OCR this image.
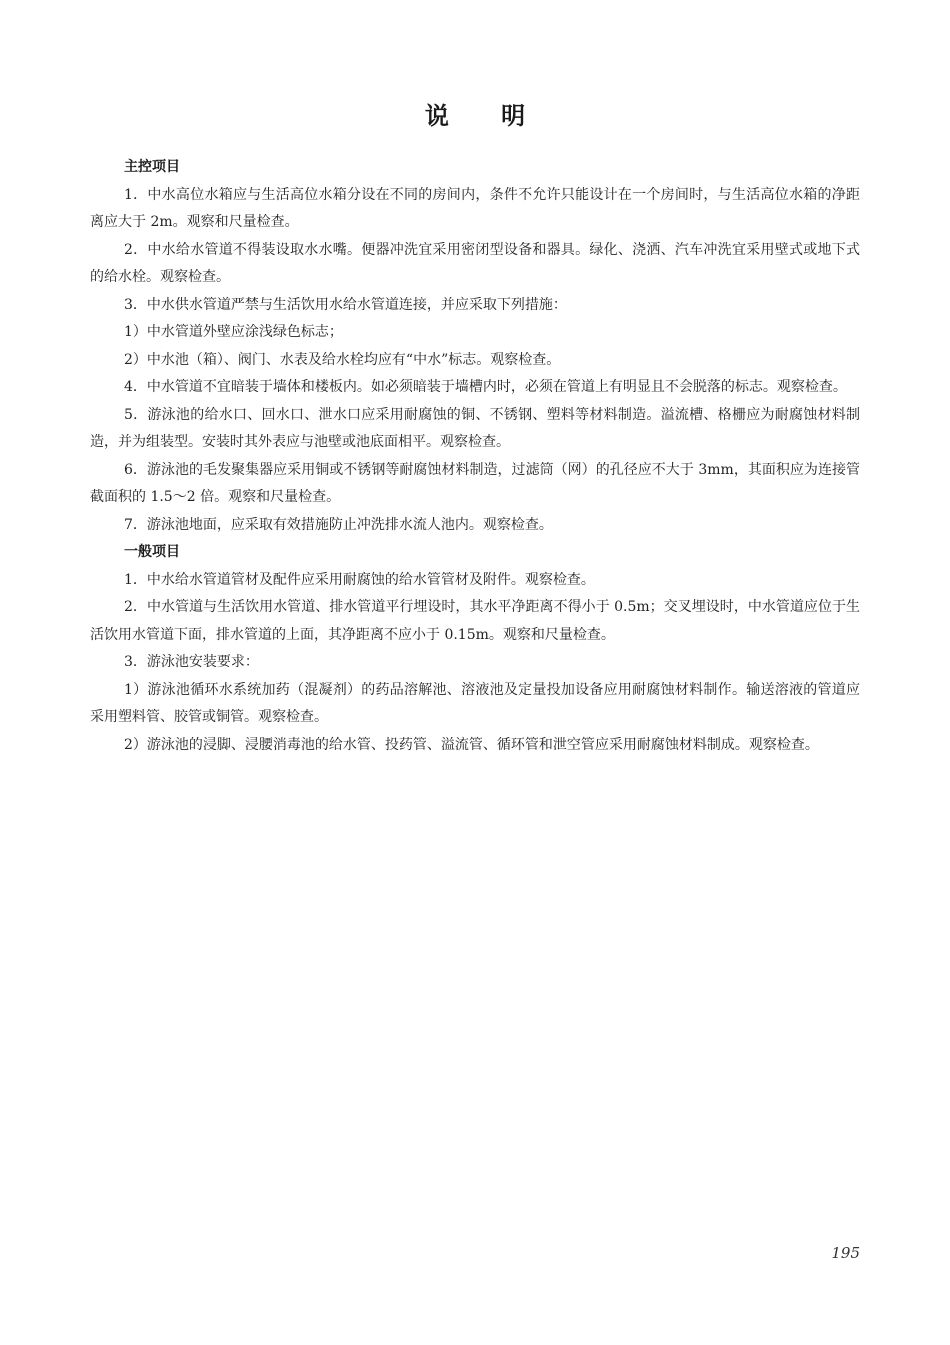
说 明

主控项目

1．中水高位水箱应与生活高位水箱分设在不同的房间内，条件不允许只能设计在一个房间时，与生活高位水箱的净距离应大于 2m。观察和尺量检查。

2．中水给水管道不得装设取水水嘴。便器冲洗宜采用密闭型设备和器具。绿化、浇洒、汽车冲洗宜采用壁式或地下式的给水栓。观察检查。

3．中水供水管道严禁与生活饮用水给水管道连接，并应采取下列措施：

1）中水管道外壁应涂浅绿色标志；

2）中水池（箱）、阀门、水表及给水栓均应有“中水”标志。观察检查。

4．中水管道不宜暗装于墙体和楼板内。如必须暗装于墙槽内时，必须在管道上有明显且不会脱落的标志。观察检查。

5．游泳池的给水口、回水口、泄水口应采用耐腐蚀的铜、不锈钢、塑料等材料制造。溢流槽、格栅应为耐腐蚀材料制造，并为组装型。安装时其外表应与池壁或池底面相平。观察检查。

6．游泳池的毛发聚集器应采用铜或不锈钢等耐腐蚀材料制造，过滤筒（网）的孔径应不大于 3mm，其面积应为连接管截面积的 1.5～2 倍。观察和尺量检查。

7．游泳池地面，应采取有效措施防止冲洗排水流人池内。观察检查。

一般项目

1．中水给水管道管材及配件应采用耐腐蚀的给水管管材及附件。观察检查。

2．中水管道与生活饮用水管道、排水管道平行埋设时，其水平净距离不得小于 0.5m；交叉埋设时，中水管道应位于生活饮用水管道下面，排水管道的上面，其净距离不应小于 0.15m。观察和尺量检查。

3．游泳池安装要求：

1）游泳池循环水系统加药（混凝剂）的药品溶解池、溶液池及定量投加设备应用耐腐蚀材料制作。输送溶液的管道应采用塑料管、胶管或铜管。观察检查。

2）游泳池的浸脚、浸腰消毒池的给水管、投药管、溢流管、循环管和泄空管应采用耐腐蚀材料制成。观察检查。

195
